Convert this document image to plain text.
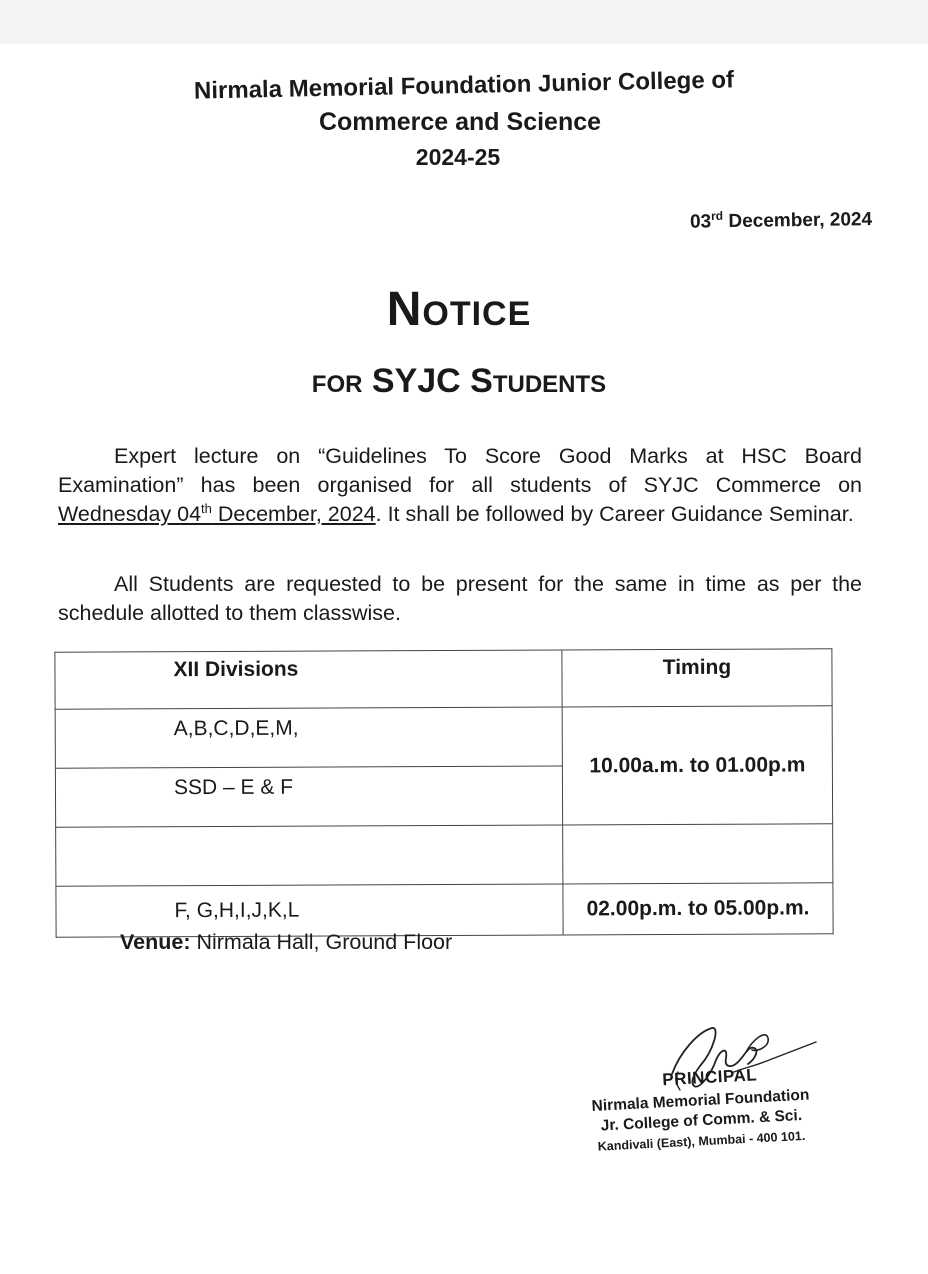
Nirmala Memorial Foundation Junior College of
Commerce and Science
2024-25
03rd December, 2024
Notice
for SYJC Students
Expert lecture on “Guidelines To Score Good Marks at HSC Board Examination” has been organised for all students of SYJC Commerce on Wednesday 04th December, 2024. It shall be followed by Career Guidance Seminar.
All Students are requested to be present for the same in time as per the schedule allotted to them classwise.
XII Divisions	Timing
A,B,C,D,E,M,	10.00a.m. to 01.00p.m
SSD – E & F	

F, G,H,I,J,K,L	02.00p.m. to 05.00p.m.
Venue: Nirmala Hall, Ground Floor
PRINCIPAL
Nirmala Memorial Foundation
Jr. College of Comm. & Sci.
Kandivali (East), Mumbai - 400 101.
